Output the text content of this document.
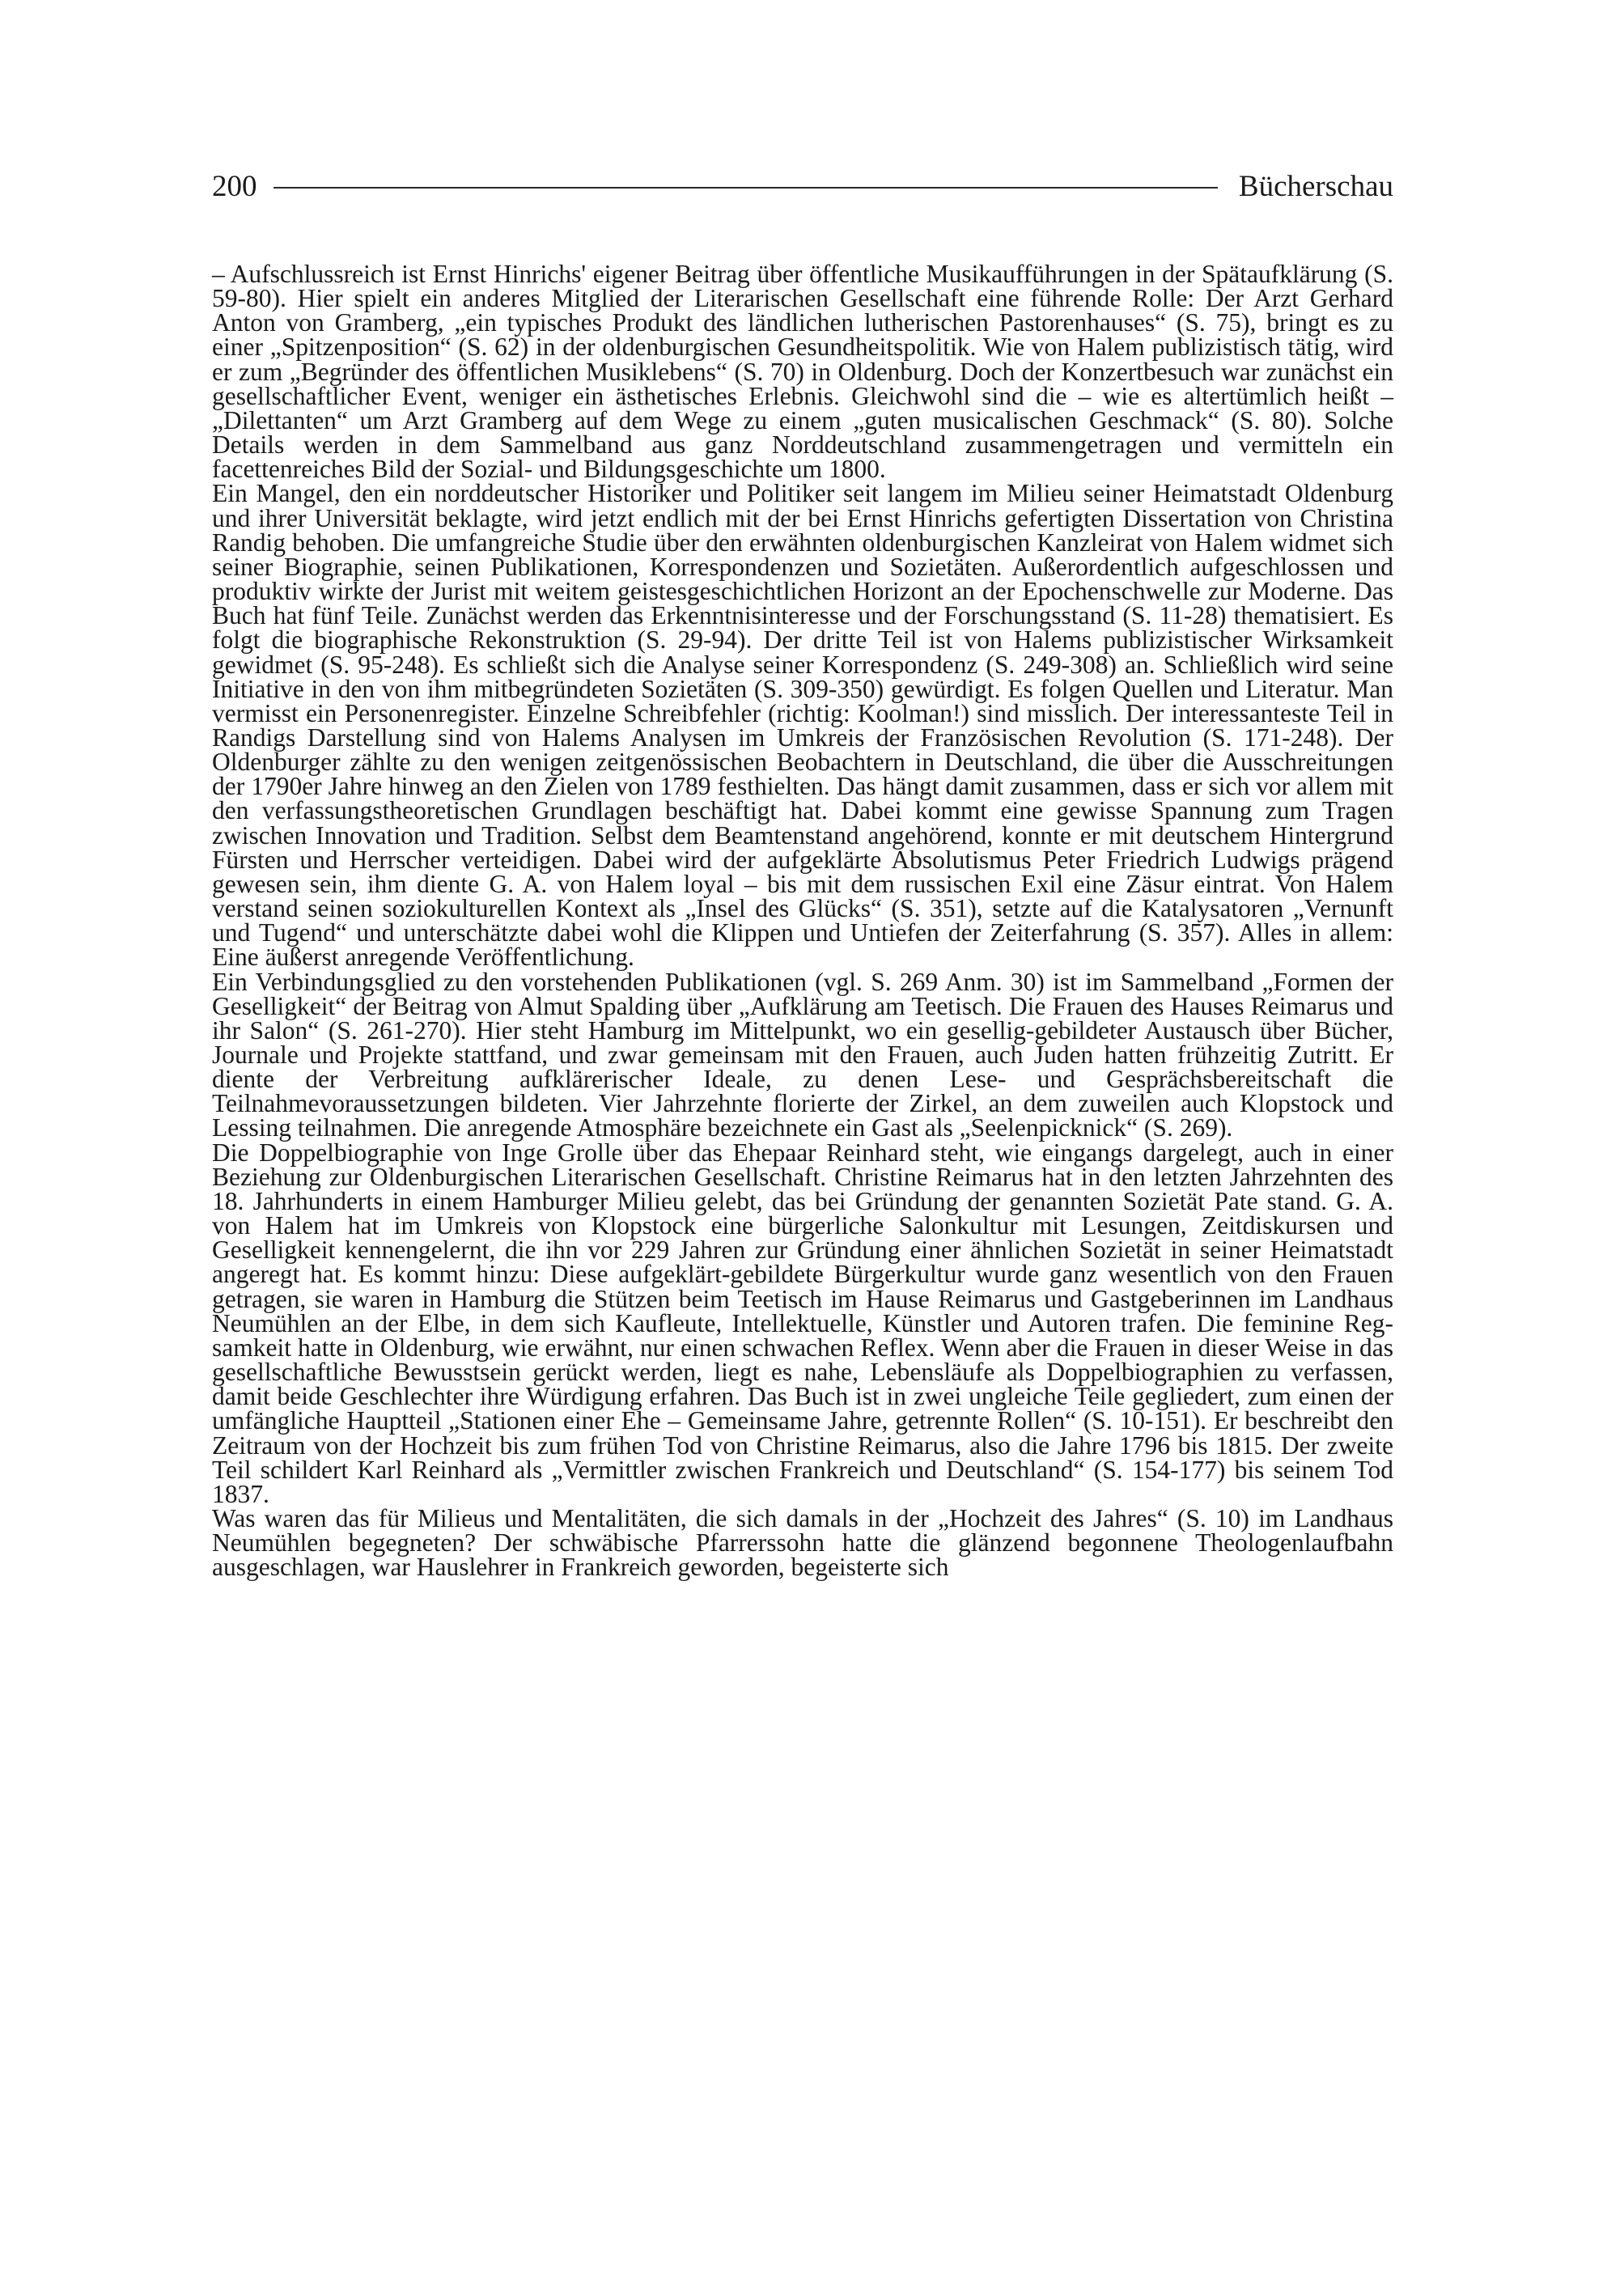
200	Bücherschau

– Aufschlussreich ist Ernst Hinrichs' eigener Beitrag über öffentliche Musikaufführungen in der Spätaufklärung (S. 59-80). Hier spielt ein anderes Mitglied der Literarischen Gesellschaft eine führende Rolle: Der Arzt Gerhard Anton von Gramberg, „ein typisches Produkt des ländlichen lutherischen Pastorenhauses“ (S. 75), bringt es zu einer „Spitzenposition“ (S. 62) in der oldenburgischen Gesundheitspolitik. Wie von Halem publizistisch tätig, wird er zum „Begründer des öffentlichen Musiklebens“ (S. 70) in Oldenburg. Doch der Konzertbesuch war zunächst ein gesellschaftlicher Event, weniger ein ästhetisches Erlebnis. Gleichwohl sind die – wie es altertümlich heißt – „Dilettanten“ um Arzt Gramberg auf dem Wege zu einem „guten musicalischen Geschmack“ (S. 80). Solche Details werden in dem Sammelband aus ganz Norddeutschland zusammengetragen und vermitteln ein facettenreiches Bild der Sozial- und Bildungsgeschichte um 1800.

Ein Mangel, den ein norddeutscher Historiker und Politiker seit langem im Milieu seiner Heimatstadt Oldenburg und ihrer Universität beklagte, wird jetzt endlich mit der bei Ernst Hinrichs gefertigten Dissertation von Christina Randig behoben. Die umfangreiche Studie über den erwähnten oldenburgischen Kanzleirat von Halem widmet sich seiner Biographie, seinen Publikationen, Korrespondenzen und Sozietäten. Außerordentlich aufgeschlossen und produktiv wirkte der Jurist mit weitem geistesgeschichtlichen Horizont an der Epochenschwelle zur Moderne. Das Buch hat fünf Teile. Zunächst werden das Erkenntnisinteresse und der Forschungsstand (S. 11-28) thematisiert. Es folgt die biographische Rekonstruktion (S. 29-94). Der dritte Teil ist von Halems publizistischer Wirksamkeit gewidmet (S. 95-248). Es schließt sich die Analyse seiner Korrespondenz (S. 249-308) an. Schließlich wird seine Initiative in den von ihm mitbegründeten Sozietäten (S. 309-350) gewürdigt. Es folgen Quellen und Literatur. Man vermisst ein Personenregister. Einzelne Schreibfehler (richtig: Koolman!) sind misslich. Der interessanteste Teil in Randigs Darstellung sind von Halems Analysen im Umkreis der Französischen Revolution (S. 171-248). Der Oldenburger zählte zu den wenigen zeitgenössischen Beobachtern in Deutschland, die über die Ausschreitungen der 1790er Jahre hinweg an den Zielen von 1789 festhielten. Das hängt damit zusammen, dass er sich vor allem mit den verfassungstheoretischen Grundlagen beschäftigt hat. Dabei kommt eine gewisse Spannung zum Tragen zwischen Innovation und Tradition. Selbst dem Beamtenstand angehörend, konnte er mit deutschem Hintergrund Fürsten und Herrscher verteidigen. Dabei wird der aufgeklärte Absolutismus Peter Friedrich Ludwigs prägend gewesen sein, ihm diente G. A. von Halem loyal – bis mit dem russischen Exil eine Zäsur eintrat. Von Halem verstand seinen soziokulturellen Kontext als „Insel des Glücks“ (S. 351), setzte auf die Katalysatoren „Vernunft und Tugend“ und unterschätzte dabei wohl die Klippen und Untiefen der Zeiterfahrung (S. 357). Alles in allem: Eine äußerst anregende Veröffentlichung.

Ein Verbindungsglied zu den vorstehenden Publikationen (vgl. S. 269 Anm. 30) ist im Sammelband „Formen der Geselligkeit“ der Beitrag von Almut Spalding über „Aufklärung am Teetisch. Die Frauen des Hauses Reimarus und ihr Salon“ (S. 261-270). Hier steht Hamburg im Mittelpunkt, wo ein gesellig-gebildeter Austausch über Bücher, Journale und Projekte stattfand, und zwar gemeinsam mit den Frauen, auch Juden hatten frühzeitig Zutritt. Er diente der Verbreitung aufklärerischer Ideale, zu denen Lese- und Gesprächsbereitschaft die Teilnahmevoraussetzungen bildeten. Vier Jahrzehnte florierte der Zirkel, an dem zuweilen auch Klopstock und Lessing teilnahmen. Die anregende Atmosphäre bezeichnete ein Gast als „Seelenpicknick“ (S. 269).

Die Doppelbiographie von Inge Grolle über das Ehepaar Reinhard steht, wie eingangs dargelegt, auch in einer Beziehung zur Oldenburgischen Literarischen Gesellschaft. Christine Reimarus hat in den letzten Jahrzehnten des 18. Jahrhunderts in einem Hamburger Milieu gelebt, das bei Gründung der genannten Sozietät Pate stand. G. A. von Halem hat im Umkreis von Klopstock eine bürgerliche Salonkultur mit Lesungen, Zeitdiskursen und Geselligkeit kennengelernt, die ihn vor 229 Jahren zur Gründung einer ähnlichen Sozietät in seiner Heimatstadt angeregt hat. Es kommt hinzu: Diese aufgeklärt-gebildete Bürgerkultur wurde ganz wesentlich von den Frauen getragen, sie waren in Hamburg die Stützen beim Teetisch im Hause Reimarus und Gastgeberinnen im Landhaus Neumühlen an der Elbe, in dem sich Kaufleute, Intellektuelle, Künstler und Autoren trafen. Die feminine Regsamkeit hatte in Oldenburg, wie erwähnt, nur einen schwachen Reflex. Wenn aber die Frauen in dieser Weise in das gesellschaftliche Bewusstsein gerückt werden, liegt es nahe, Lebensläufe als Doppelbiographien zu verfassen, damit beide Geschlechter ihre Würdigung erfahren. Das Buch ist in zwei ungleiche Teile gegliedert, zum einen der umfängliche Hauptteil „Stationen einer Ehe – Gemeinsame Jahre, getrennte Rollen“ (S. 10-151). Er beschreibt den Zeitraum von der Hochzeit bis zum frühen Tod von Christine Reimarus, also die Jahre 1796 bis 1815. Der zweite Teil schildert Karl Reinhard als „Vermittler zwischen Frankreich und Deutschland“ (S. 154-177) bis seinem Tod 1837.

Was waren das für Milieus und Mentalitäten, die sich damals in der „Hochzeit des Jahres“ (S. 10) im Landhaus Neumühlen begegneten? Der schwäbische Pfarrerssohn hatte die glänzend begonnene Theologenlaufbahn ausgeschlagen, war Hauslehrer in Frankreich geworden, begeisterte sich
